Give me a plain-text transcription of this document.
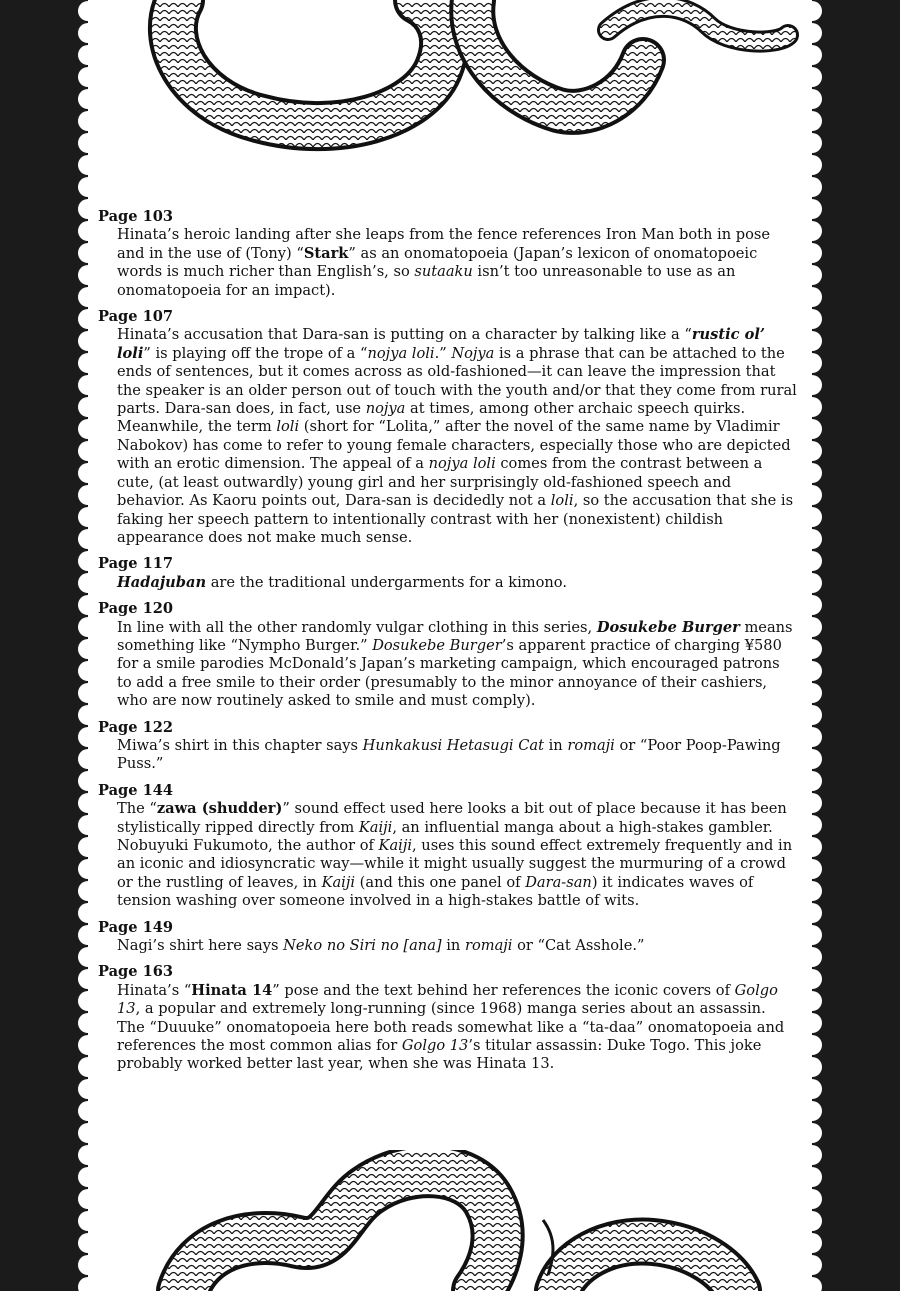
Page 103

Hinata’s heroic landing after she leaps from the fence references Iron Man both in pose and in the use of (Tony) “Stark” as an onomatopoeia (Japan’s lexicon of onomatopoeic words is much richer than English’s, so sutaaku isn’t too unreasonable to use as an onomatopoeia for an impact).

Page 107

Hinata’s accusation that Dara-san is putting on a character by talking like a “rustic ol’ loli” is playing off the trope of a “nojya loli.” Nojya is a phrase that can be attached to the ends of sentences, but it comes across as old-fashioned—it can leave the impression that the speaker is an older person out of touch with the youth and/or that they come from rural parts. Dara-san does, in fact, use nojya at times, among other archaic speech quirks. Meanwhile, the term loli (short for “Lolita,” after the novel of the same name by Vladimir Nabokov) has come to refer to young female characters, especially those who are depicted with an erotic dimension. The appeal of a nojya loli comes from the contrast between a cute, (at least outwardly) young girl and her surprisingly old-fashioned speech and behavior. As Kaoru points out, Dara-san is decidedly not a loli, so the accusation that she is faking her speech pattern to intentionally contrast with her (nonexistent) childish appearance does not make much sense.

Page 117

Hadajuban are the traditional undergarments for a kimono.

Page 120

In line with all the other randomly vulgar clothing in this series, Dosukebe Burger means something like “Nympho Burger.” Dosukebe Burger’s apparent practice of charging ¥580 for a smile parodies McDonald’s Japan’s marketing campaign, which encouraged patrons to add a free smile to their order (presumably to the minor annoyance of their cashiers, who are now routinely asked to smile and must comply).

Page 122

Miwa’s shirt in this chapter says Hunkakusi Hetasugi Cat in romaji or “Poor Poop-Pawing Puss.”

Page 144

The “zawa (shudder)” sound effect used here looks a bit out of place because it has been stylistically ripped directly from Kaiji, an influential manga about a high-stakes gambler. Nobuyuki Fukumoto, the author of Kaiji, uses this sound effect extremely frequently and in an iconic and idiosyncratic way—while it might usually suggest the murmuring of a crowd or the rustling of leaves, in Kaiji (and this one panel of Dara-san) it indicates waves of tension washing over someone involved in a high-stakes battle of wits.

Page 149

Nagi’s shirt here says Neko no Siri no [ana] in romaji or “Cat Asshole.”

Page 163

Hinata’s “Hinata 14” pose and the text behind her references the iconic covers of Golgo 13, a popular and extremely long-running (since 1968) manga series about an assassin. The “Duuuke” onomatopoeia here both reads somewhat like a “ta-daa” onomatopoeia and references the most common alias for Golgo 13’s titular assassin: Duke Togo. This joke probably worked better last year, when she was Hinata 13.
